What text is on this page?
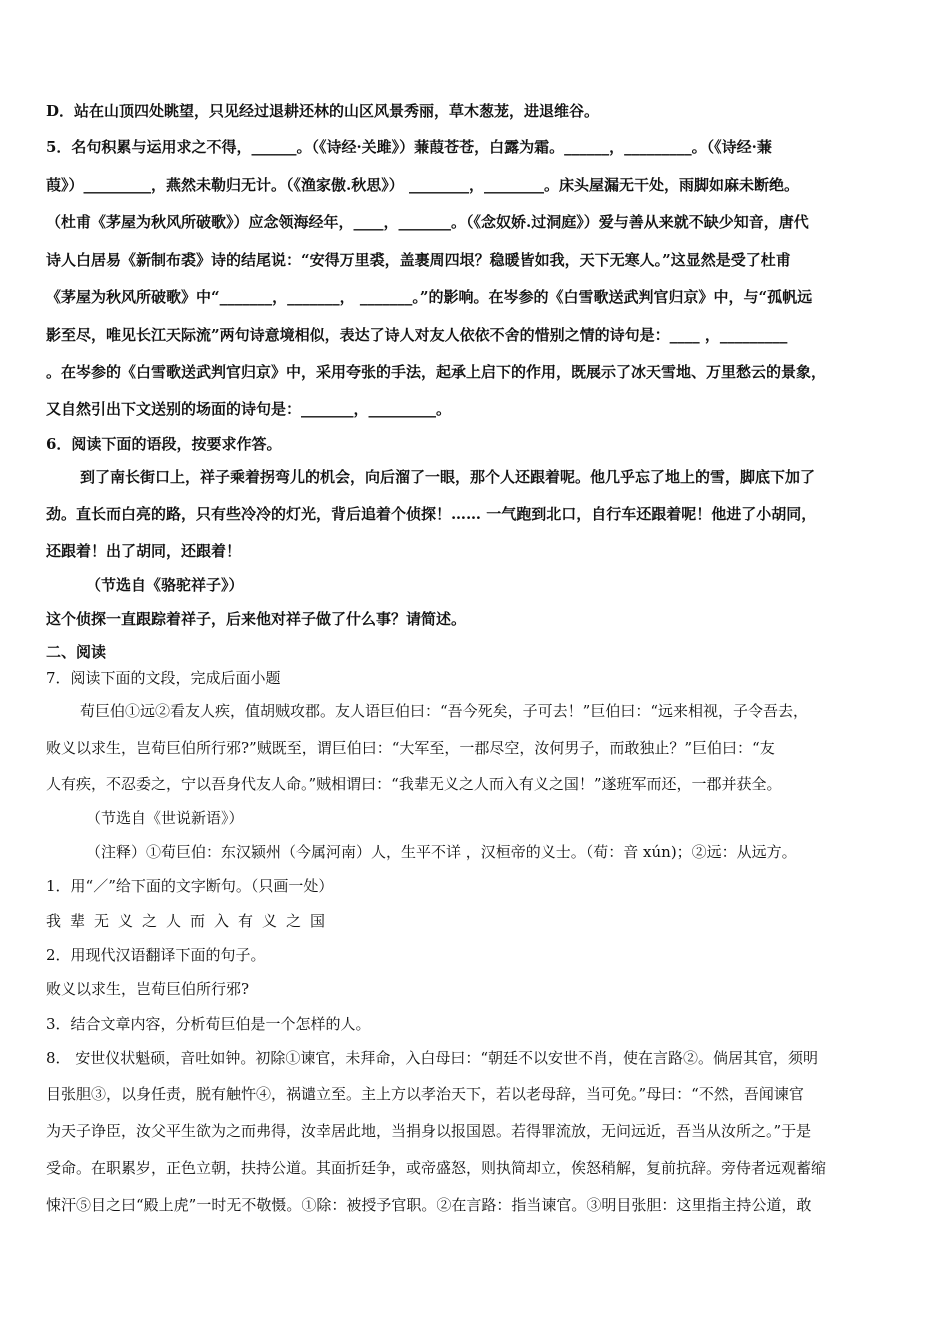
D．站在山顶四处眺望，只见经过退耕还林的山区风景秀丽，草木葱茏，进退维谷。
5．名句积累与运用求之不得，______。（《诗经·关雎》）蒹葭苍苍，白露为霜。______，_________。（《诗经·蒹
葭》）_________，燕然未勒归无计。（《渔家傲.秋思》） ________，________。床头屋漏无干处，雨脚如麻未断绝。
（杜甫《茅屋为秋风所破歌》）应念领海经年，____，_______。（《念奴娇.过洞庭》）爱与善从来就不缺少知音，唐代
诗人白居易《新制布裘》诗的结尾说：“安得万里裘，盖裹周四垠？稳暖皆如我，天下无寒人。”这显然是受了杜甫
《茅屋为秋风所破歌》中“_______，_______， _______。”的影响。在岑参的《白雪歌送武判官归京》中，与“孤帆远
影至尽，唯见长江天际流”两句诗意境相似，表达了诗人对友人依依不舍的惜别之情的诗句是：____ ，_________
。在岑参的《白雪歌送武判官归京》中，采用夸张的手法，起承上启下的作用，既展示了冰天雪地、万里愁云的景象，
又自然引出下文送别的场面的诗句是：_______，_________。
6．阅读下面的语段，按要求作答。
到了南长街口上，祥子乘着拐弯儿的机会，向后溜了一眼，那个人还跟着呢。他几乎忘了地上的雪，脚底下加了
劲。直长而白亮的路，只有些冷冷的灯光，背后追着个侦探！…… 一气跑到北口，自行车还跟着呢！他进了小胡同，
还跟着！出了胡同，还跟着！
（节选自《骆驼祥子》）
这个侦探一直跟踪着祥子，后来他对祥子做了什么事？请简述。
二、阅读
7．阅读下面的文段，完成后面小题
荀巨伯①远②看友人疾，值胡贼攻郡。友人语巨伯曰：“吾今死矣，子可去！”巨伯曰：“远来相视，子令吾去，
败义以求生，岂荀巨伯所行邪?”贼既至，谓巨伯曰：“大军至，一郡尽空，汝何男子，而敢独止？”巨伯曰：“友
人有疾，不忍委之，宁以吾身代友人命。”贼相谓曰：“我辈无义之人而入有义之国！”遂班军而还，一郡并获全。
（节选自《世说新语》）
（注释）①荀巨伯：东汉颍州（今属河南）人，生平不详 ，汉桓帝的义士。（荀：音 xún)；②远：从远方。
1．用“／”给下面的文字断句。（只画一处）
我辈无义之人而入有义之国
2．用现代汉语翻译下面的句子。
败义以求生，岂荀巨伯所行邪?
3．结合文章内容，分析荀巨伯是一个怎样的人。
8． 安世仪状魁硕，音吐如钟。初除①谏官，未拜命，入白母曰：“朝廷不以安世不肖，使在言路②。倘居其官，须明
目张胆③，以身任责，脱有触忤④，祸谴立至。主上方以孝治天下，若以老母辞，当可免。”母曰：“不然，吾闻谏官
为天子诤臣，汝父平生欲为之而弗得，汝幸居此地，当捐身以报国恩。若得罪流放，无问远近，吾当从汝所之。”于是
受命。在职累岁，正色立朝，扶持公道。其面折廷争，或帝盛怒，则执简却立，俟怒稍解，复前抗辞。旁侍者远观蓄缩
悚汗⑤目之曰“殿上虎”一时无不敬慑。①除：被授予官职。②在言路：指当谏官。③明目张胆：这里指主持公道，敢
